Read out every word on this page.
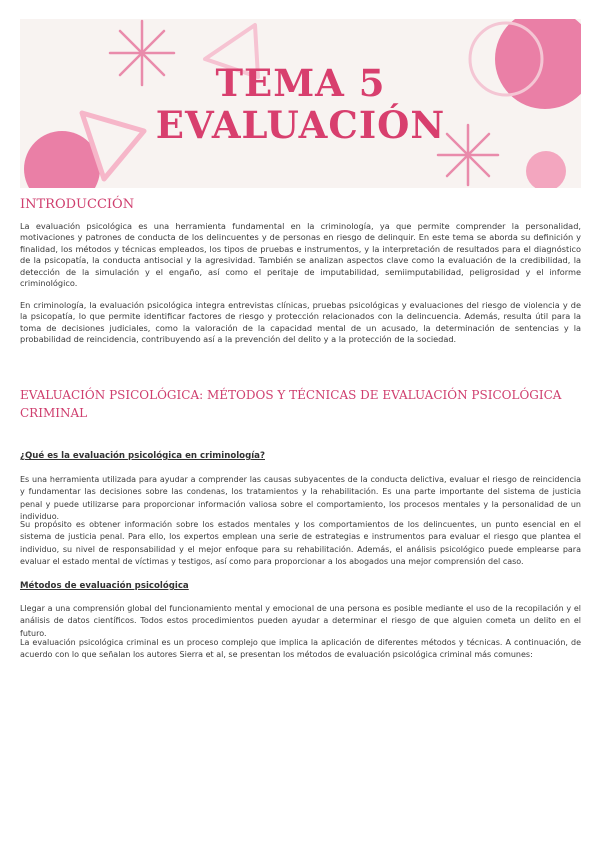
TEMA 5
EVALUACIÓN
INTRODUCCIÓN

La evaluación psicológica es una herramienta fundamental en la criminología, ya que permite comprender la personalidad, motivaciones y patrones de conducta de los delincuentes y de personas en riesgo de delinquir. En este tema se aborda su definición y finalidad, los métodos y técnicas empleados, los tipos de pruebas e instrumentos, y la interpretación de resultados para el diagnóstico de la psicopatía, la conducta antisocial y la agresividad. También se analizan aspectos clave como la evaluación de la credibilidad, la detección de la simulación y el engaño, así como el peritaje de imputabilidad, semiimputabilidad, peligrosidad y el informe criminológico.

En criminología, la evaluación psicológica integra entrevistas clínicas, pruebas psicológicas y evaluaciones del riesgo de violencia y de la psicopatía, lo que permite identificar factores de riesgo y protección relacionados con la delincuencia. Además, resulta útil para la toma de decisiones judiciales, como la valoración de la capacidad mental de un acusado, la determinación de sentencias y la probabilidad de reincidencia, contribuyendo así a la prevención del delito y a la protección de la sociedad.

EVALUACIÓN PSICOLÓGICA: MÉTODOS Y TÉCNICAS DE EVALUACIÓN PSICOLÓGICA
CRIMINAL

¿Qué es la evaluación psicológica en criminología?

Es una herramienta utilizada para ayudar a comprender las causas subyacentes de la conducta delictiva, evaluar el riesgo de reincidencia y fundamentar las decisiones sobre las condenas, los tratamientos y la rehabilitación. Es una parte importante del sistema de justicia penal y puede utilizarse para proporcionar información valiosa sobre el comportamiento, los procesos mentales y la personalidad de un individuo.

Su propósito es obtener información sobre los estados mentales y los comportamientos de los delincuentes, un punto esencial en el sistema de justicia penal. Para ello, los expertos emplean una serie de estrategias e instrumentos para evaluar el riesgo que plantea el individuo, su nivel de responsabilidad y el mejor enfoque para su rehabilitación. Además, el análisis psicológico puede emplearse para evaluar el estado mental de víctimas y testigos, así como para proporcionar a los abogados una mejor comprensión del caso.

Métodos de evaluación psicológica

Llegar a una comprensión global del funcionamiento mental y emocional de una persona es posible mediante el uso de la recopilación y el análisis de datos científicos. Todos estos procedimientos pueden ayudar a determinar el riesgo de que alguien cometa un delito en el futuro.

La evaluación psicológica criminal es un proceso complejo que implica la aplicación de diferentes métodos y técnicas. A continuación, de acuerdo con lo que señalan los autores Sierra et al, se presentan los métodos de evaluación psicológica criminal más comunes:
